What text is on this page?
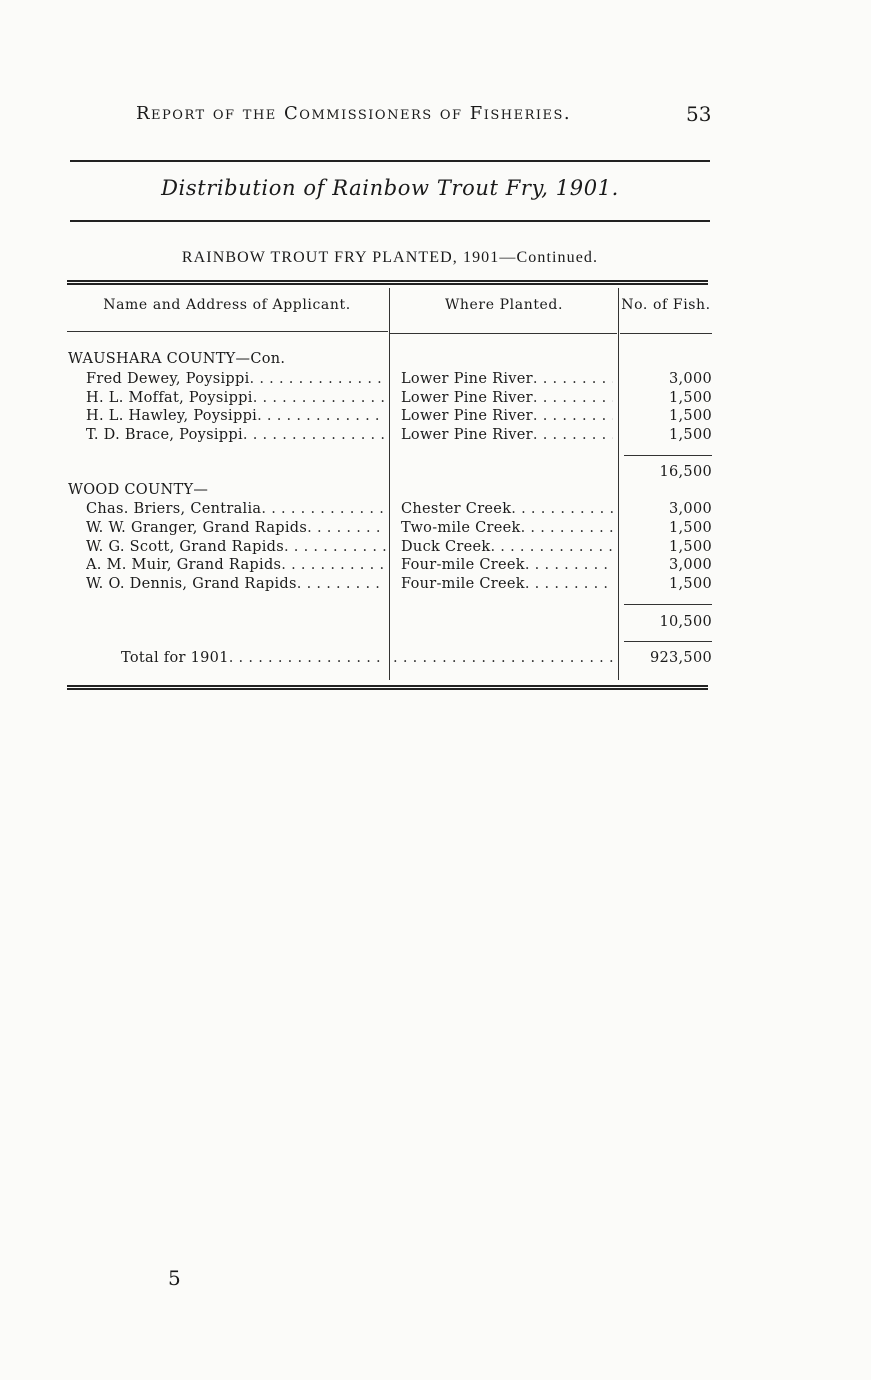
Report of the Commissioners of Fisheries.	53
Distribution of Rainbow Trout Fry, 1901.
RAINBOW TROUT FRY PLANTED, 1901—Continued.
Name and Address of Applicant.	Where Planted.	No. of Fish.
WAUSHARA COUNTY—Con.
Fred Dewey, Poysippi . . .	Lower Pine River . . .	3,000
H. L. Moffat, Poysippi . . .	Lower Pine River . . .	1,500
H. L. Hawley, Poysippi . . .	Lower Pine River . . .	1,500
T. D. Brace, Poysippi . . .	Lower Pine River . . .	1,500
16,500
WOOD COUNTY—
Chas. Briers, Centralia . . .	Chester Creek . . .	3,000
W. W. Granger, Grand Rapids . . .	Two-mile Creek . . .	1,500
W. G. Scott, Grand Rapids . . .	Duck Creek . . .	1,500
A. M. Muir, Grand Rapids . . .	Four-mile Creek . . .	3,000
W. O. Dennis, Grand Rapids . . .	Four-mile Creek . . .	1,500
10,500
Total for 1901 . . . . . .	923,500
5
